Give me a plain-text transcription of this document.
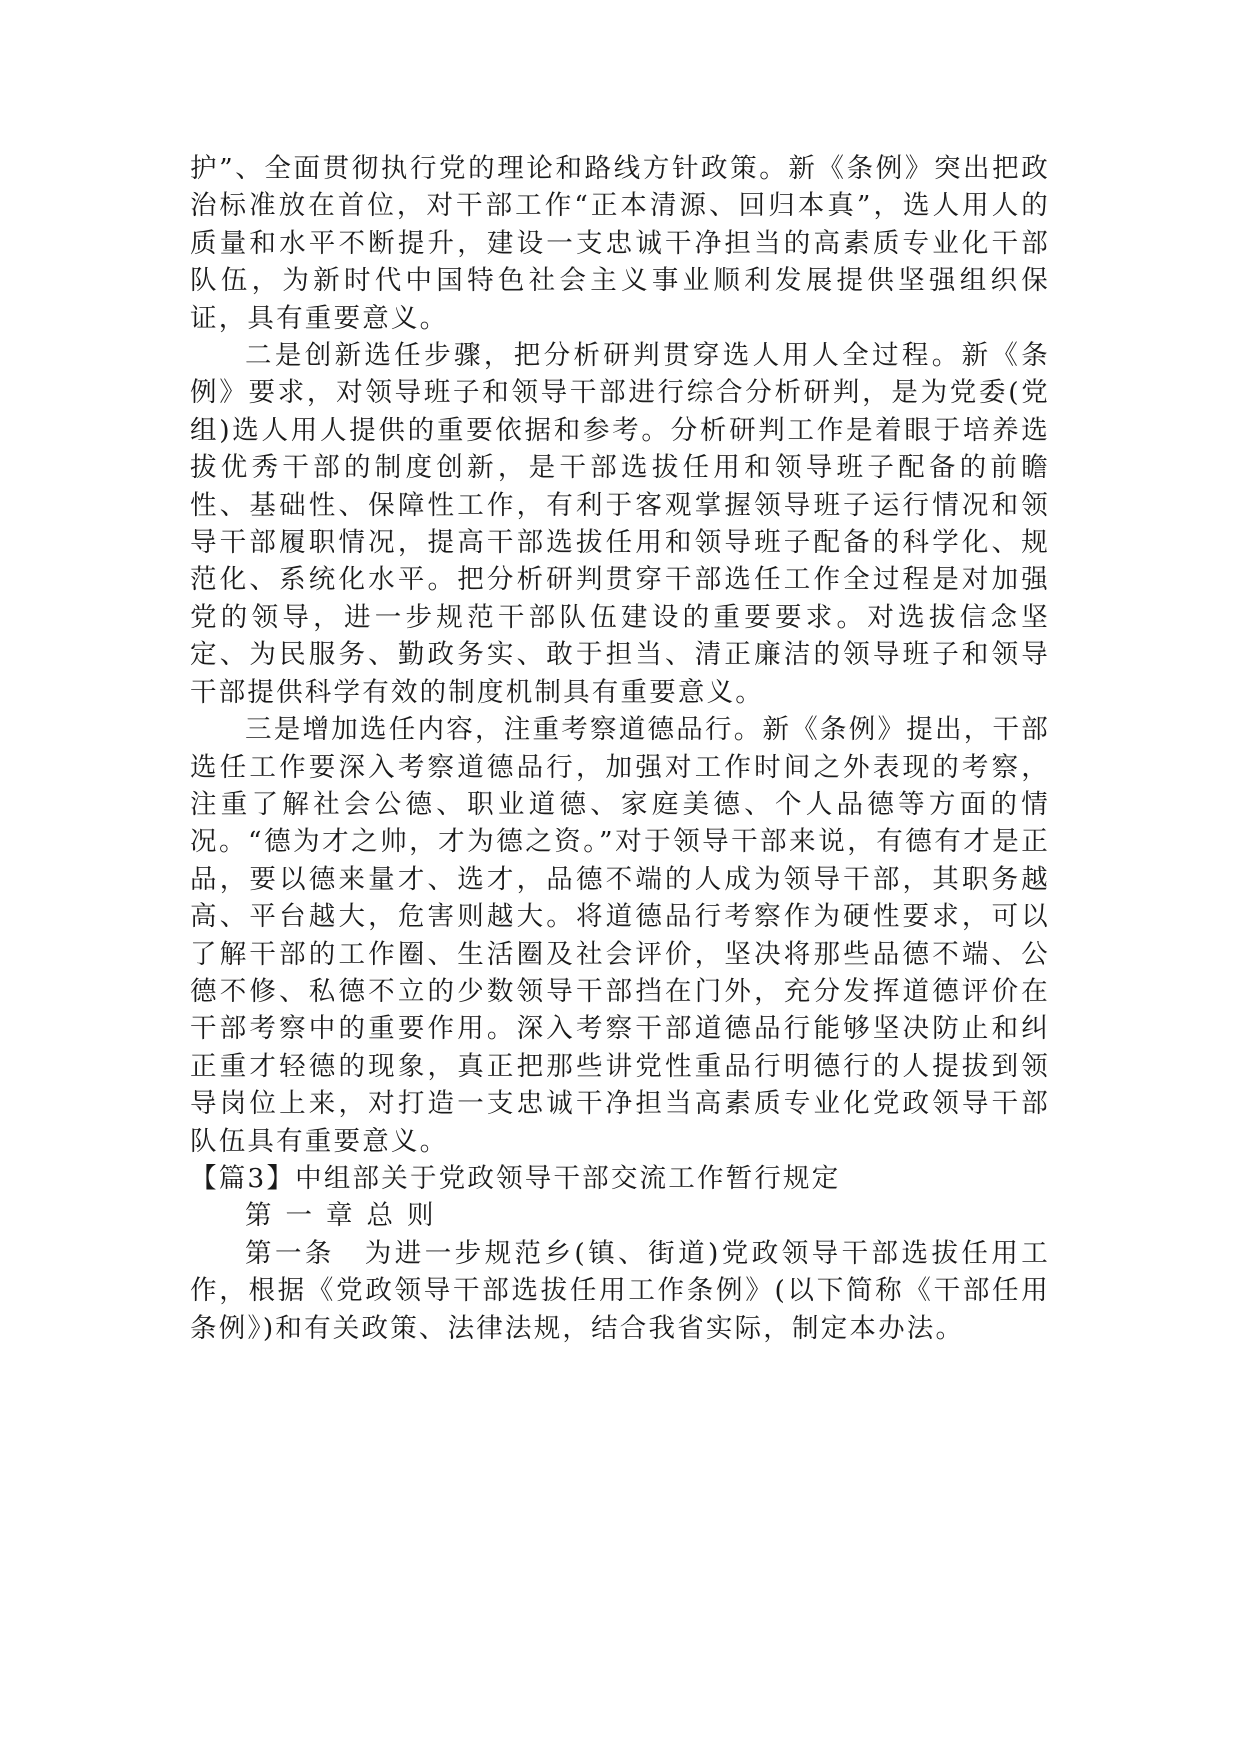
护”、全面贯彻执行党的理论和路线方针政策。新《条例》突出把政治标准放在首位，对干部工作“正本清源、回归本真”，选人用人的质量和水平不断提升，建设一支忠诚干净担当的高素质专业化干部队伍，为新时代中国特色社会主义事业顺利发展提供坚强组织保证，具有重要意义。

二是创新选任步骤，把分析研判贯穿选人用人全过程。新《条例》要求，对领导班子和领导干部进行综合分析研判，是为党委(党组)选人用人提供的重要依据和参考。分析研判工作是着眼于培养选拔优秀干部的制度创新，是干部选拔任用和领导班子配备的前瞻性、基础性、保障性工作，有利于客观掌握领导班子运行情况和领导干部履职情况，提高干部选拔任用和领导班子配备的科学化、规范化、系统化水平。把分析研判贯穿干部选任工作全过程是对加强党的领导，进一步规范干部队伍建设的重要要求。对选拔信念坚定、为民服务、勤政务实、敢于担当、清正廉洁的领导班子和领导干部提供科学有效的制度机制具有重要意义。

三是增加选任内容，注重考察道德品行。新《条例》提出，干部选任工作要深入考察道德品行，加强对工作时间之外表现的考察，注重了解社会公德、职业道德、家庭美德、个人品德等方面的情况。“德为才之帅，才为德之资。”对于领导干部来说，有德有才是正品，要以德来量才、选才，品德不端的人成为领导干部，其职务越高、平台越大，危害则越大。将道德品行考察作为硬性要求，可以了解干部的工作圈、生活圈及社会评价，坚决将那些品德不端、公德不修、私德不立的少数领导干部挡在门外，充分发挥道德评价在干部考察中的重要作用。深入考察干部道德品行能够坚决防止和纠正重才轻德的现象，真正把那些讲党性重品行明德行的人提拔到领导岗位上来，对打造一支忠诚干净担当高素质专业化党政领导干部队伍具有重要意义。

【篇3】中组部关于党政领导干部交流工作暂行规定

第一章总则

第一条　为进一步规范乡(镇、街道)党政领导干部选拔任用工作，根据《党政领导干部选拔任用工作条例》(以下简称《干部任用条例》)和有关政策、法律法规，结合我省实际，制定本办法。
